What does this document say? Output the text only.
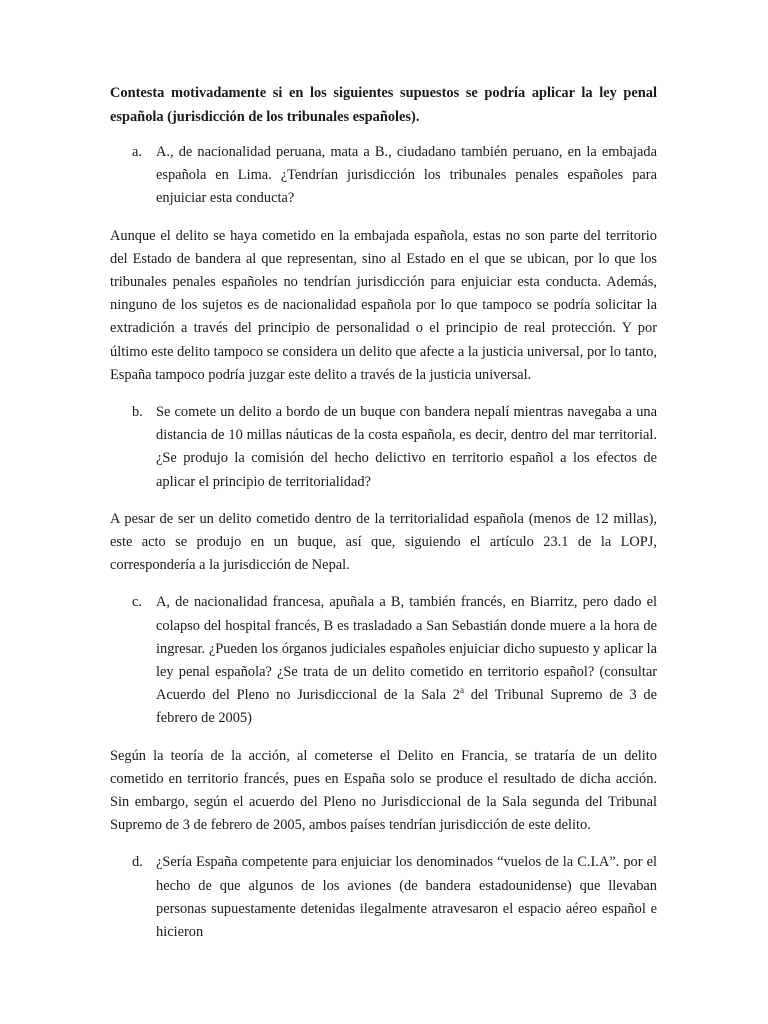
Contesta motivadamente si en los siguientes supuestos se podría aplicar la ley penal española (jurisdicción de los tribunales españoles).

a. A., de nacionalidad peruana, mata a B., ciudadano también peruano, en la embajada española en Lima. ¿Tendrían jurisdicción los tribunales penales españoles para enjuiciar esta conducta?

Aunque el delito se haya cometido en la embajada española, estas no son parte del territorio del Estado de bandera al que representan, sino al Estado en el que se ubican, por lo que los tribunales penales españoles no tendrían jurisdicción para enjuiciar esta conducta. Además, ninguno de los sujetos es de nacionalidad española por lo que tampoco se podría solicitar la extradición a través del principio de personalidad o el principio de real protección. Y por último este delito tampoco se considera un delito que afecte a la justicia universal, por lo tanto, España tampoco podría juzgar este delito a través de la justicia universal.

b. Se comete un delito a bordo de un buque con bandera nepalí mientras navegaba a una distancia de 10 millas náuticas de la costa española, es decir, dentro del mar territorial. ¿Se produjo la comisión del hecho delictivo en territorio español a los efectos de aplicar el principio de territorialidad?

A pesar de ser un delito cometido dentro de la territorialidad española (menos de 12 millas), este acto se produjo en un buque, así que, siguiendo el artículo 23.1 de la LOPJ, correspondería a la jurisdicción de Nepal.

c. A, de nacionalidad francesa, apuñala a B, también francés, en Biarritz, pero dado el colapso del hospital francés, B es trasladado a San Sebastián donde muere a la hora de ingresar. ¿Pueden los órganos judiciales españoles enjuiciar dicho supuesto y aplicar la ley penal española? ¿Se trata de un delito cometido en territorio español? (consultar Acuerdo del Pleno no Jurisdiccional de la Sala 2$^a$ del Tribunal Supremo de 3 de febrero de 2005)

Según la teoría de la acción, al cometerse el Delito en Francia, se trataría de un delito cometido en territorio francés, pues en España solo se produce el resultado de dicha acción. Sin embargo, según el acuerdo del Pleno no Jurisdiccional de la Sala segunda del Tribunal Supremo de 3 de febrero de 2005, ambos países tendrían jurisdicción de este delito.

d. ¿Sería España competente para enjuiciar los denominados “vuelos de la C.I.A”. por el hecho de que algunos de los aviones (de bandera estadounidense) que llevaban personas supuestamente detenidas ilegalmente atravesaron el espacio aéreo español e hicieron
